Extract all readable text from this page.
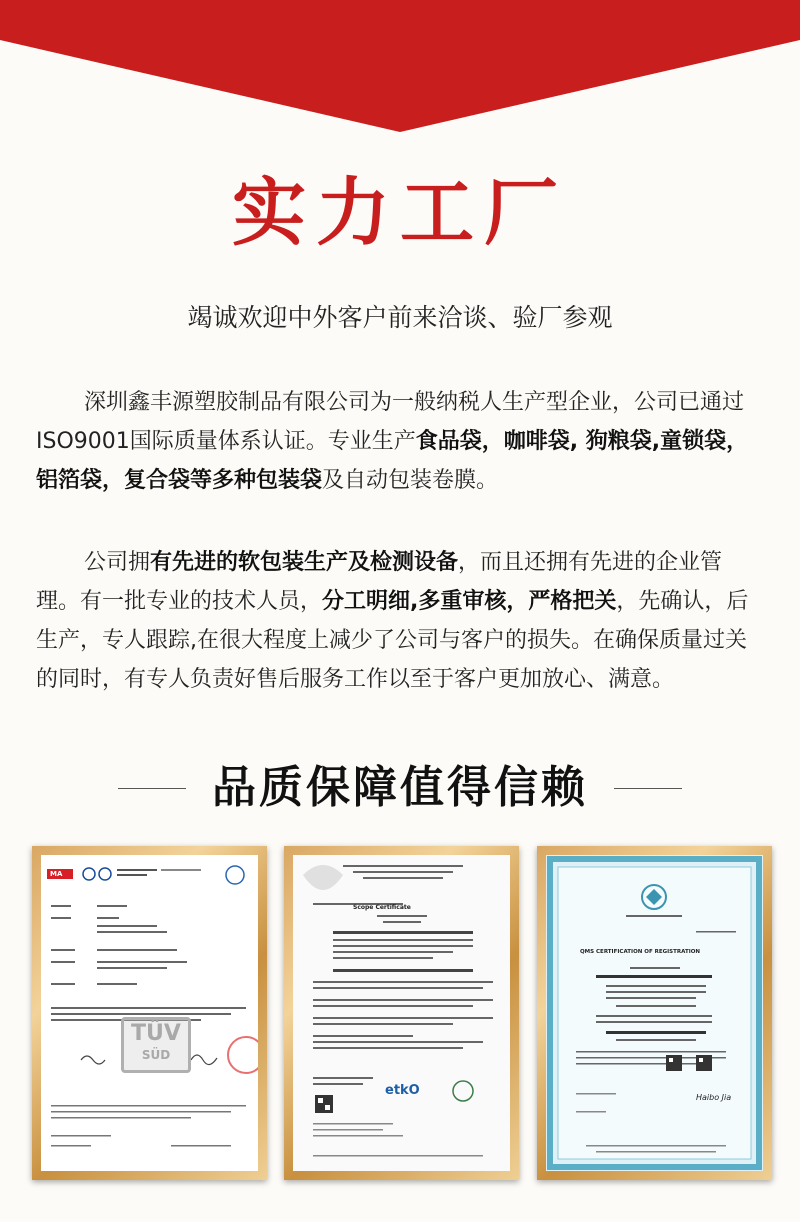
实力工厂
竭诚欢迎中外客户前来洽谈、验厂参观
深圳鑫丰源塑胶制品有限公司为一般纳税人生产型企业，公司已通过ISO9001国际质量体系认证。专业生产食品袋，咖啡袋, 狗粮袋,童锁袋，铝箔袋，复合袋等多种包装袋及自动包装卷膜。
公司拥有先进的软包装生产及检测设备，而且还拥有先进的企业管理。有一批专业的技术人员，分工明细,多重审核，严格把关，先确认，后生产，专人跟踪,在很大程度上减少了公司与客户的损失。在确保质量过关的同时，有专人负责好售后服务工作以至于客户更加放心、满意。
品质保障值得信赖
MA
TÜV
SÜD
Scope Certificate
etkO
QMS CERTIFICATION OF REGISTRATION
Haibo Jia
